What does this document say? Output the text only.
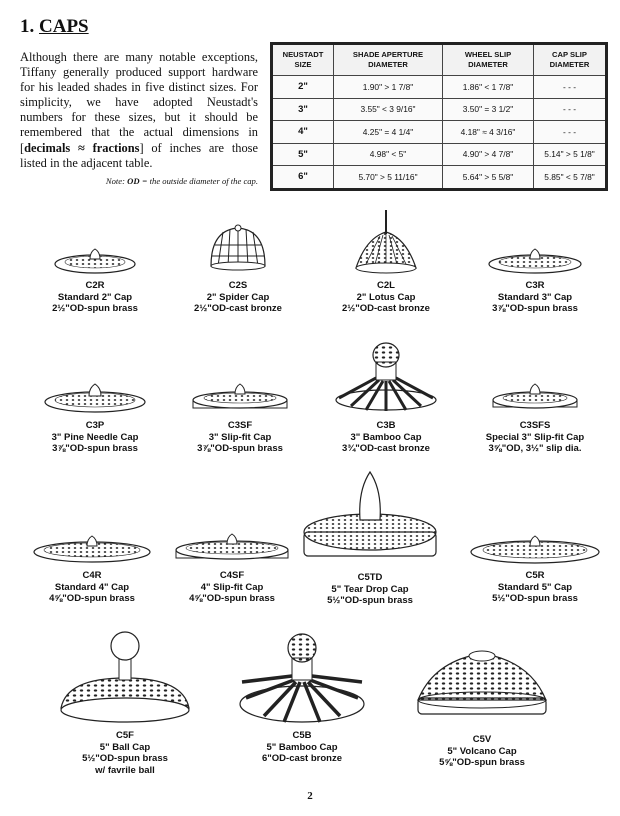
1. CAPS

Although there are many notable exceptions, Tiffany generally produced support hardware for his leaded shades in five distinct sizes. For simplicity, we have adopted Neustadt's numbers for these sizes, but it should be remembered that the actual dimensions in [decimals ≈ fractions] of inches are those listed in the adjacent table.

Note: OD = the outside diameter of the cap.
NEUSTADT SIZE	SHADE APERTURE DIAMETER	WHEEL SLIP DIAMETER	CAP SLIP DIAMETER
2"	1.90" > 1 7/8"	1.86" < 1 7/8"	- - -
3"	3.55" < 3 9/16"	3.50" = 3 1/2"	- - -
4"	4.25" = 4 1/4"	4.18" ≈ 4 3/16"	- - -
5"	4.98" < 5"	4.90" > 4 7/8"	5.14" > 5 1/8"
6"	5.70" > 5 11/16"	5.64" > 5 5/8"	5.85" < 5 7/8"
C2R
Standard 2" Cap
2½"OD-spun brass
C2S
2" Spider Cap
2½"OD-cast bronze
C2L
2" Lotus Cap
2½"OD-cast bronze
C3R
Standard 3" Cap
3⅞"OD-spun brass
C3P
3" Pine Needle Cap
3⅞"OD-spun brass
C3SF
3" Slip-fit Cap
3⅞"OD-spun brass
C3B
3" Bamboo Cap
3¾"OD-cast bronze
C3SFS
Special 3" Slip-fit Cap
3⅝"OD, 3½" slip dia.
C4R
Standard 4" Cap
4⅝"OD-spun brass
C4SF
4" Slip-fit Cap
4⅝"OD-spun brass
C5TD
5" Tear Drop Cap
5½"OD-spun brass
C5R
Standard 5" Cap
5½"OD-spun brass
C5F
5" Ball Cap
5½"OD-spun brass
w/ favrile ball
C5B
5" Bamboo Cap
6"OD-cast bronze
C5V
5" Volcano Cap
5⅝"OD-spun brass
2
